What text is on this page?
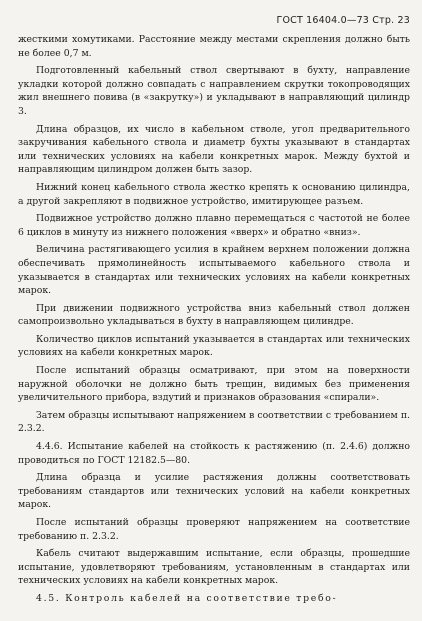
ГОСТ 16404.0—73 Стр. 23

жесткими хомутиками. Расстояние между местами скрепления должно быть не более 0,7 м.

Подготовленный кабельный ствол свертывают в бухту, направление укладки которой должно совпадать с направлением скрутки токопроводящих жил внешнего повива (в «закрутку») и укладывают в направляющий цилиндр 3.

Длина образцов, их число в кабельном стволе, угол предварительного закручивания кабельного ствола и диаметр бухты указывают в стандартах или технических условиях на кабели конкретных марок. Между бухтой и направляющим цилиндром должен быть зазор.

Нижний конец кабельного ствола жестко крепять к основанию цилиндра, а другой закрепляют в подвижное устройство, имитирующее разъем.

Подвижное устройство должно плавно перемещаться с частотой не более 6 циклов в минуту из нижнего положения «вверх» и обратно «вниз».

Величина растягивающего усилия в крайнем верхнем положении должна обеспечивать прямолинейность испытываемого кабельного ствола и указывается в стандартах или технических условиях на кабели конкретных марок.

При движении подвижного устройства вниз кабельный ствол должен самопроизвольно укладываться в бухту в направляющем цилиндре.

Количество циклов испытаний указывается в стандартах или технических условиях на кабели конкретных марок.

После испытаний образцы осматривают, при этом на поверхности наружной оболочки не должно быть трещин, видимых без применения увеличительного прибора, вздутий и признаков образования «спирали».

Затем образцы испытывают напряжением в соответствии с требованием п. 2.3.2.

4.4.6. Испытание кабелей на стойкость к растяжению (п. 2.4.6) должно проводиться по ГОСТ 12182.5—80.

Длина образца и усилие растяжения должны соответствовать требованиям стандартов или технических условий на кабели конкретных марок.

После испытаний образцы проверяют напряжением на соответствие требованию п. 2.3.2.

Кабель считают выдержавшим испытание, если образцы, прошедшие испытание, удовлетворяют требованиям, установленным в стандартах или технических условиях на кабели конкретных марок.

4.5. Контроль кабелей на соответствие требо-
